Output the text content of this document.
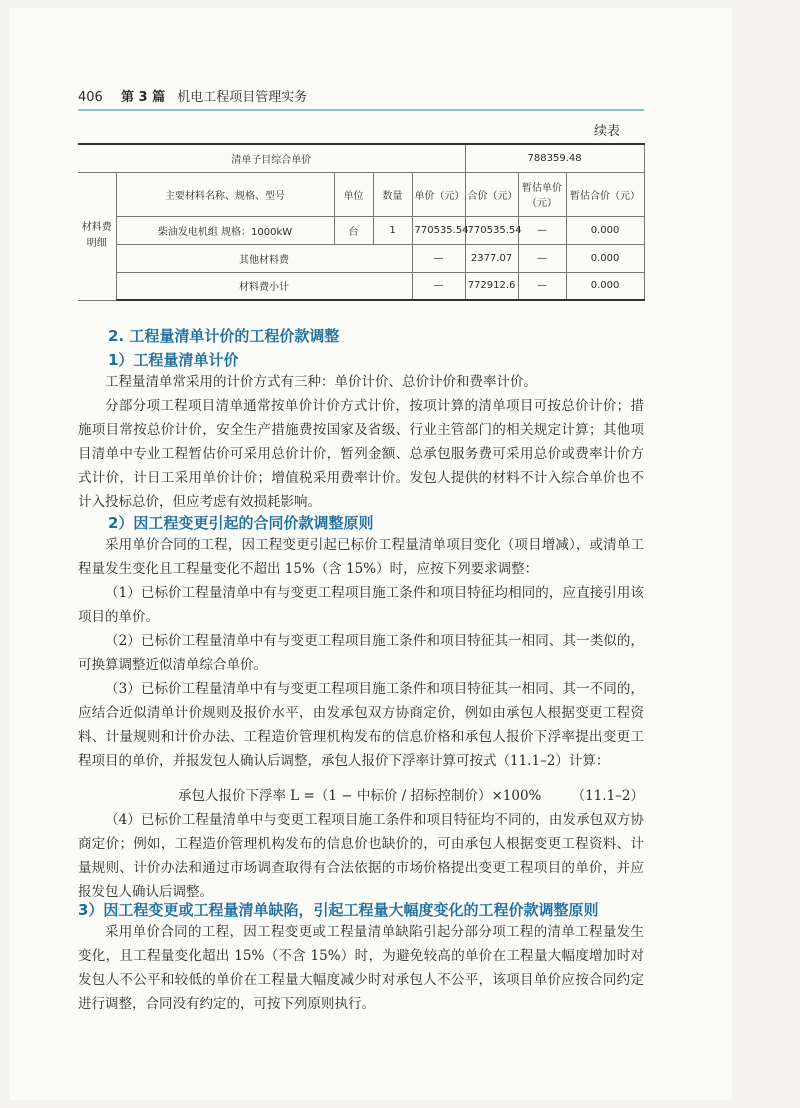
406 第 3 篇 机电工程项目管理实务
续表
清单子目综合单价					788359.48		
材料费明细	主要材料名称、规格、型号	单位	数量	单价（元）	合价（元）	暂估单价（元）	暂估合价（元）
	柴油发电机组 规格：1000kW	台	1	770535.54	770535.54	—	0.000
	其他材料费			—	2377.07	—	0.000
	材料费小计			—	772912.6	—	0.000
2. 工程量清单计价的工程价款调整
1）工程量清单计价
工程量清单常采用的计价方式有三种：单价计价、总价计价和费率计价。
分部分项工程项目清单通常按单价计价方式计价，按项计算的清单项目可按总价计价；措施项目常按总价计价，安全生产措施费按国家及省级、行业主管部门的相关规定计算；其他项目清单中专业工程暂估价可采用总价计价，暂列金额、总承包服务费可采用总价或费率计价方式计价，计日工采用单价计价；增值税采用费率计价。发包人提供的材料不计入综合单价也不计入投标总价，但应考虑有效损耗影响。
2）因工程变更引起的合同价款调整原则
采用单价合同的工程，因工程变更引起已标价工程量清单项目变化（项目增减），或清单工程量发生变化且工程量变化不超出 15%（含 15%）时，应按下列要求调整：
（1）已标价工程量清单中有与变更工程项目施工条件和项目特征均相同的，应直接引用该项目的单价。
（2）已标价工程量清单中有与变更工程项目施工条件和项目特征其一相同、其一类似的，可换算调整近似清单综合单价。
（3）已标价工程量清单中有与变更工程项目施工条件和项目特征其一相同、其一不同的，应结合近似清单计价规则及报价水平，由发承包双方协商定价，例如由承包人根据变更工程资料、计量规则和计价办法、工程造价管理机构发布的信息价格和承包人报价下浮率提出变更工程项目的单价，并报发包人确认后调整，承包人报价下浮率计算可按式（11.1–2）计算：
承包人报价下浮率 L =（1 − 中标价 / 招标控制价）×100% （11.1–2）
（4）已标价工程量清单中与变更工程项目施工条件和项目特征均不同的，由发承包双方协商定价；例如，工程造价管理机构发布的信息价也缺价的，可由承包人根据变更工程资料、计量规则、计价办法和通过市场调查取得有合法依据的市场价格提出变更工程项目的单价，并应报发包人确认后调整。
3）因工程变更或工程量清单缺陷，引起工程量大幅度变化的工程价款调整原则
采用单价合同的工程，因工程变更或工程量清单缺陷引起分部分项工程的清单工程量发生变化，且工程量变化超出 15%（不含 15%）时，为避免较高的单价在工程量大幅度增加时对发包人不公平和较低的单价在工程量大幅度减少时对承包人不公平，该项目单价应按合同约定进行调整，合同没有约定的，可按下列原则执行。
